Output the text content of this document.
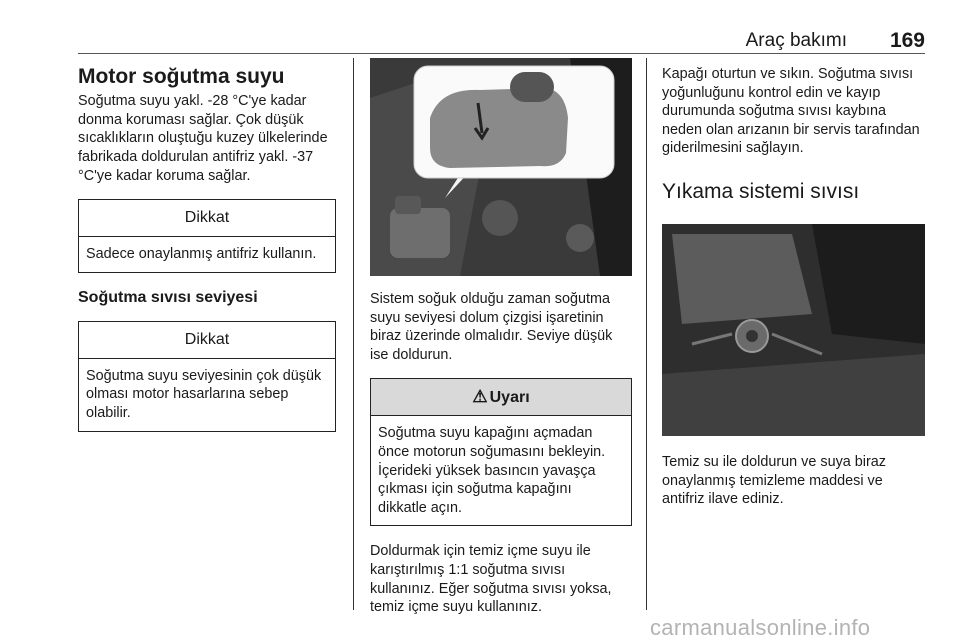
Araç bakımı 169
Motor soğutma suyu

Soğutma suyu yakl. -28 °C'ye kadar donma koruması sağlar. Çok düşük sıcaklıkların oluştuğu kuzey ülkelerinde fabrikada doldurulan antifriz yakl. -37 °C'ye kadar koruma sağlar.

Dikkat
Sadece onaylanmış antifriz kullanın.
Soğutma sıvısı seviyesi
Dikkat
Soğutma suyu seviyesinin çok düşük olması motor hasarlarına sebep olabilir.

Sistem soğuk olduğu zaman soğutma suyu seviyesi dolum çizgisi işaretinin biraz üzerinde olmalıdır. Seviye düşük ise doldurun.

⚠ Uyarı
Soğutma suyu kapağını açmadan önce motorun soğumasını bekleyin. İçerideki yüksek basıncın yavaşça çıkması için soğutma kapağını dikkatle açın.

Doldurmak için temiz içme suyu ile karıştırılmış 1:1 soğutma sıvısı kullanınız. Eğer soğutma sıvısı yoksa, temiz içme suyu kullanınız.

Kapağı oturtun ve sıkın. Soğutma sıvısı yoğunluğunu kontrol edin ve kayıp durumunda soğutma sıvısı kaybına neden olan arızanın bir servis tarafından giderilmesini sağlayın.

Yıkama sistemi sıvısı

Temiz su ile doldurun ve suya biraz onaylanmış temizleme maddesi ve antifriz ilave ediniz.

carmanualsonline.info
